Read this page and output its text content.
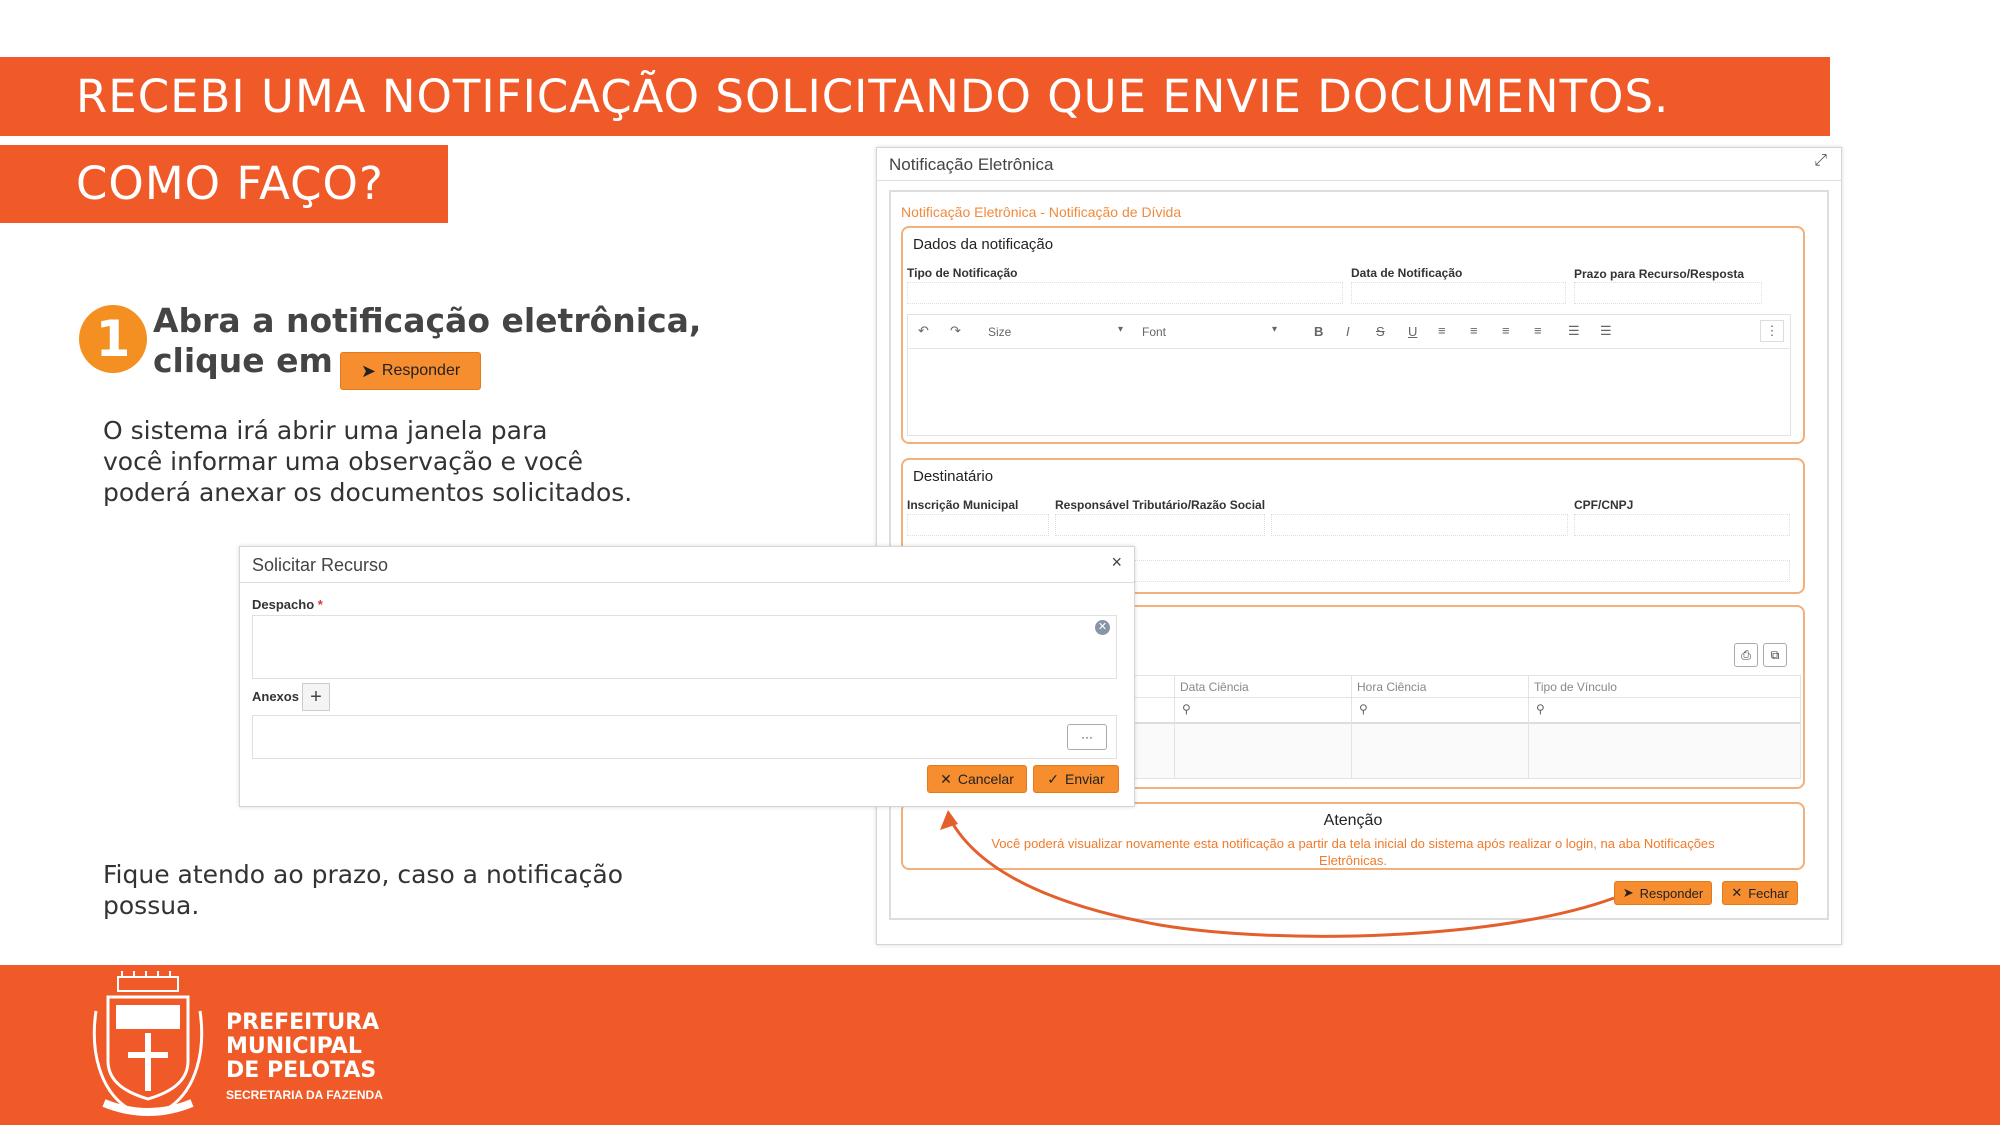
RECEBI UMA NOTIFICAÇÃO SOLICITANDO QUE ENVIE DOCUMENTOS.
COMO FAÇO?
1 Abra a notificação eletrônica,
clique em ➤ Responder
O sistema irá abrir uma janela para
você informar uma observação e você
poderá anexar os documentos solicitados.
Fique atendo ao prazo, caso a notificação
possua.
Notificação Eletrônica	⤢
Notificação Eletrônica - Notificação de Dívida
Dados da notificação
Tipo de Notificação	Data de Notificação	Prazo para Recurso/Resposta
↶ ↷ Size	▾ Font	▾	B I S U ≡ ≡ ≡ ≡ ☰ ☰	⋮
Destinatário
Inscrição Municipal	Responsável Tributário/Razão Social	CPF/CNPJ
⎙	⧉
Data Ciência	Hora Ciência	Tipo de Vínculo
⚲	⚲	⚲
Atenção
Você poderá visualizar novamente esta notificação a partir da tela inicial do sistema após realizar o login, na aba Notificações
Eletrônicas.
➤ Responder ✕ Fechar
Solicitar Recurso	×
Despacho *
✕
Anexos +
···
✕ Cancelar ✓ Enviar
PREFEITURA
MUNICIPAL
DE PELOTAS
SECRETARIA DA FAZENDA
